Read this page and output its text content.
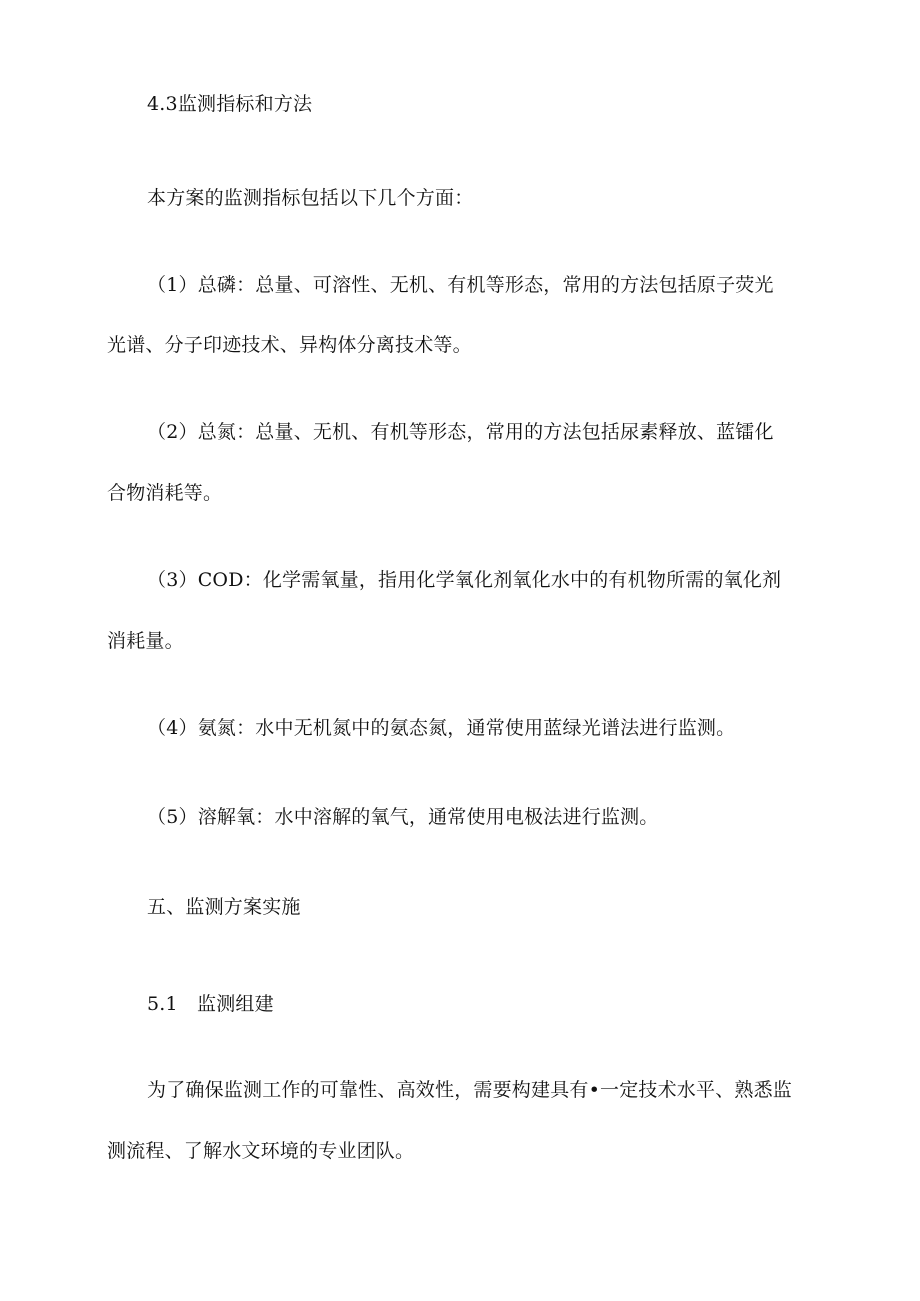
4.3监测指标和方法
本方案的监测指标包括以下几个方面：
（1）总磷：总量、可溶性、无机、有机等形态，常用的方法包括原子荧光
光谱、分子印迹技术、异构体分离技术等。
（2）总氮：总量、无机、有机等形态，常用的方法包括尿素释放、蓝镭化
合物消耗等。
（3）COD：化学需氧量，指用化学氧化剂氧化水中的有机物所需的氧化剂
消耗量。
（4）氨氮：水中无机氮中的氨态氮，通常使用蓝绿光谱法进行监测。
（5）溶解氧：水中溶解的氧气，通常使用电极法进行监测。
五、监测方案实施
5.1　监测组建
为了确保监测工作的可靠性、高效性，需要构建具有•一定技术水平、熟悉监
测流程、了解水文环境的专业团队。
